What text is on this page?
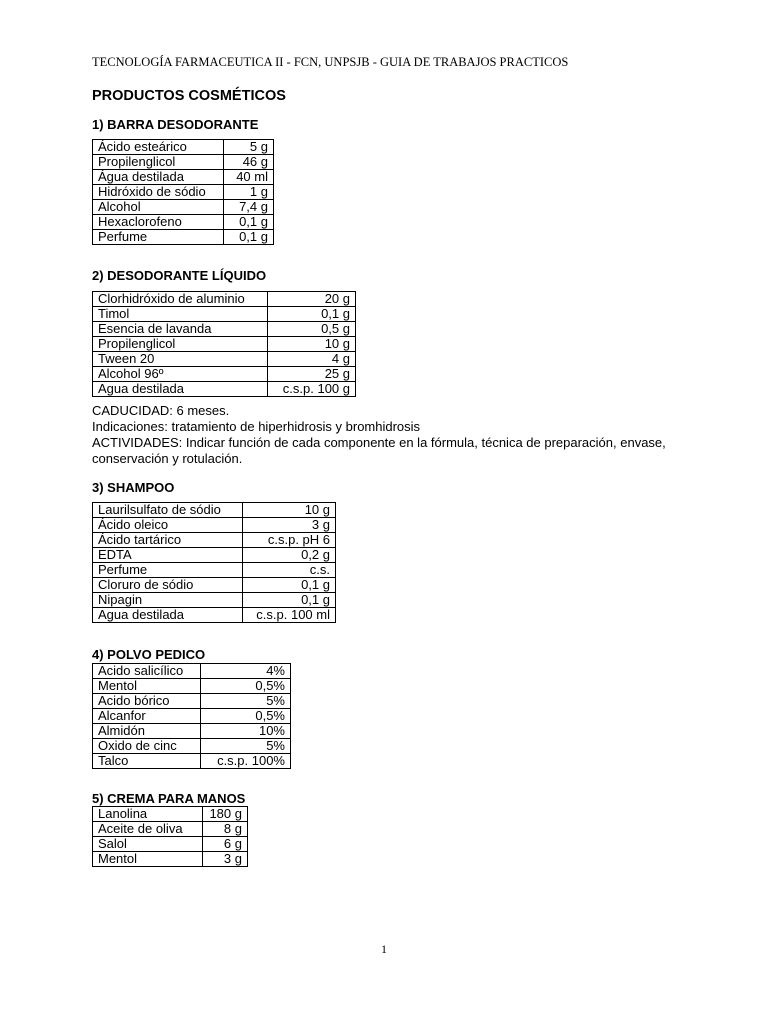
TECNOLOGÍA FARMACEUTICA II - FCN, UNPSJB - GUIA DE TRABAJOS PRACTICOS
PRODUCTOS COSMÉTICOS
1) BARRA DESODORANTE
Ácido esteárico	5 g
Propilenglicol	46 g
Água destilada	40 ml
Hidróxido de sódio	1 g
Alcohol	7,4 g
Hexaclorofeno	0,1 g
Perfume	0,1 g
2) DESODORANTE LÍQUIDO
Clorhidróxido de aluminio	20 g
Timol	0,1 g
Esencia de lavanda	0,5 g
Propilenglicol	10 g
Tween 20	4 g
Alcohol 96º	25 g
Agua destilada	c.s.p. 100 g
CADUCIDAD: 6 meses.
Indicaciones: tratamiento de hiperhidrosis y bromhidrosis
ACTIVIDADES: Indicar función de cada componente en la fórmula, técnica de preparación, envase,
conservación y rotulación.
3) SHAMPOO
Laurilsulfato de sódio	10 g
Ácido oleico	3 g
Ácido tartárico	c.s.p. pH 6
EDTA	0,2 g
Perfume	c.s.
Cloruro de sódio	0,1 g
Nipagin	0,1 g
Agua destilada	c.s.p. 100 ml
4) POLVO PEDICO
Acido salicílico	4%
Mentol	0,5%
Acido bórico	5%
Alcanfor	0,5%
Almidón	10%
Oxido de cinc	5%
Talco	c.s.p. 100%
5) CREMA PARA MANOS
Lanolina	180 g
Aceite de oliva	8 g
Salol	6 g
Mentol	3 g
1
